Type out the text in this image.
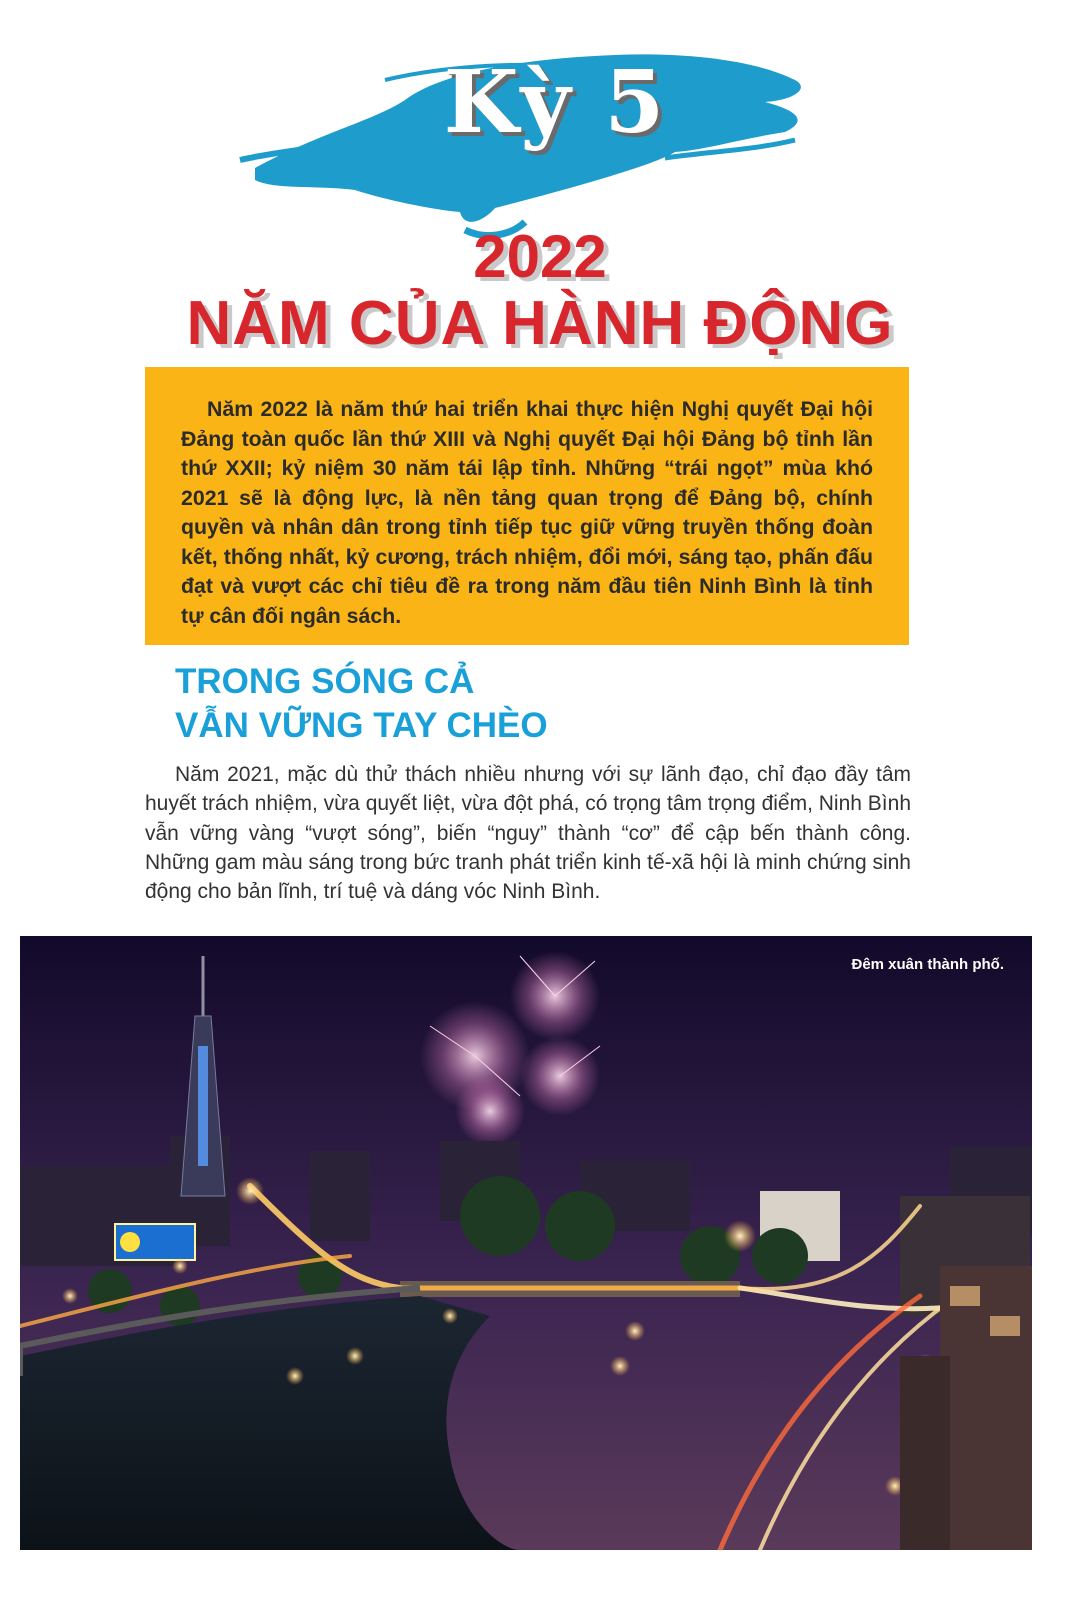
Kỳ 5
2022
NĂM CỦA HÀNH ĐỘNG

Năm 2022 là năm thứ hai triển khai thực hiện Nghị quyết Đại hội Đảng toàn quốc lần thứ XIII và Nghị quyết Đại hội Đảng bộ tỉnh lần thứ XXII; kỷ niệm 30 năm tái lập tỉnh. Những “trái ngọt” mùa khó 2021 sẽ là động lực, là nền tảng quan trọng để Đảng bộ, chính quyền và nhân dân trong tỉnh tiếp tục giữ vững truyền thống đoàn kết, thống nhất, kỷ cương, trách nhiệm, đổi mới, sáng tạo, phấn đấu đạt và vượt các chỉ tiêu đề ra trong năm đầu tiên Ninh Bình là tỉnh tự cân đối ngân sách.

TRONG SÓNG CẢ
VẪN VỮNG TAY CHÈO

Năm 2021, mặc dù thử thách nhiều nhưng với sự lãnh đạo, chỉ đạo đầy tâm huyết trách nhiệm, vừa quyết liệt, vừa đột phá, có trọng tâm trọng điểm, Ninh Bình vẫn vững vàng “vượt sóng”, biến “nguy” thành “cơ” để cập bến thành công. Những gam màu sáng trong bức tranh phát triển kinh tế-xã hội là minh chứng sinh động cho bản lĩnh, trí tuệ và dáng vóc Ninh Bình.

Đêm xuân thành phố.
